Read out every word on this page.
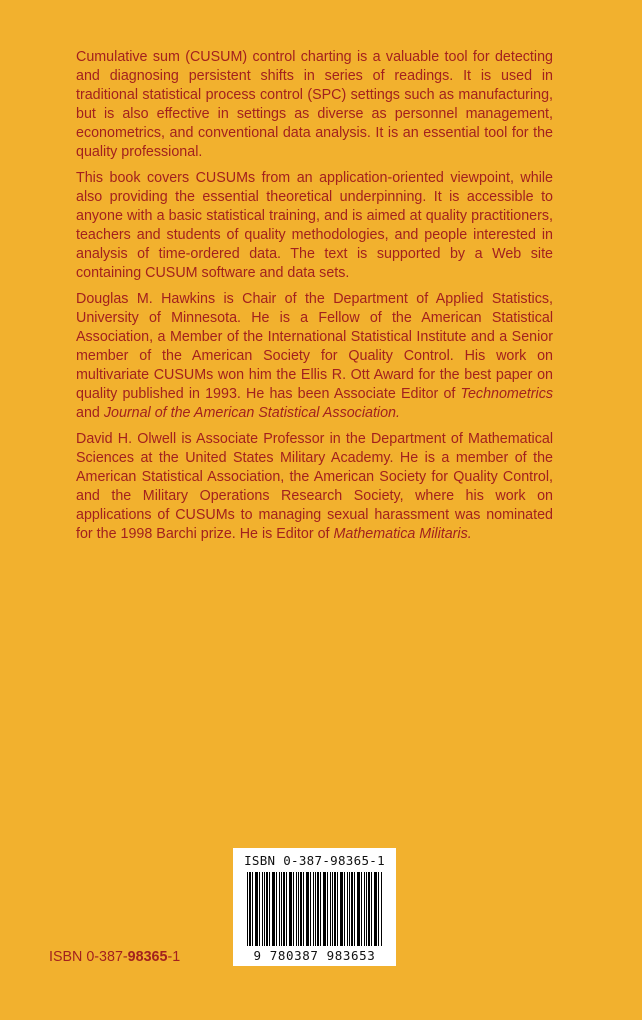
Cumulative sum (CUSUM) control charting is a valuable tool for detecting and diagnosing persistent shifts in series of readings. It is used in traditional statistical process control (SPC) settings such as manufacturing, but is also effective in settings as diverse as personnel management, econometrics, and conventional data analysis. It is an essential tool for the quality professional.

This book covers CUSUMs from an application-oriented viewpoint, while also providing the essential theoretical underpinning. It is accessible to anyone with a basic statistical training, and is aimed at quality practitioners, teachers and students of quality methodologies, and people interested in analysis of time-ordered data. The text is supported by a Web site containing CUSUM software and data sets.

Douglas M. Hawkins is Chair of the Department of Applied Statistics, University of Minnesota. He is a Fellow of the American Statistical Association, a Member of the International Statistical Institute and a Senior member of the American Society for Quality Control. His work on multivariate CUSUMs won him the Ellis R. Ott Award for the best paper on quality published in 1993. He has been Associate Editor of Technometrics and Journal of the American Statistical Association.

David H. Olwell is Associate Professor in the Department of Mathematical Sciences at the United States Military Academy. He is a member of the American Statistical Association, the American Society for Quality Control, and the Military Operations Research Society, where his work on applications of CUSUMs to managing sexual harassment was nominated for the 1998 Barchi prize. He is Editor of Mathematica Militaris.

ISBN 0-387-98365-1
9 780387 983653
ISBN 0-387-98365-1
